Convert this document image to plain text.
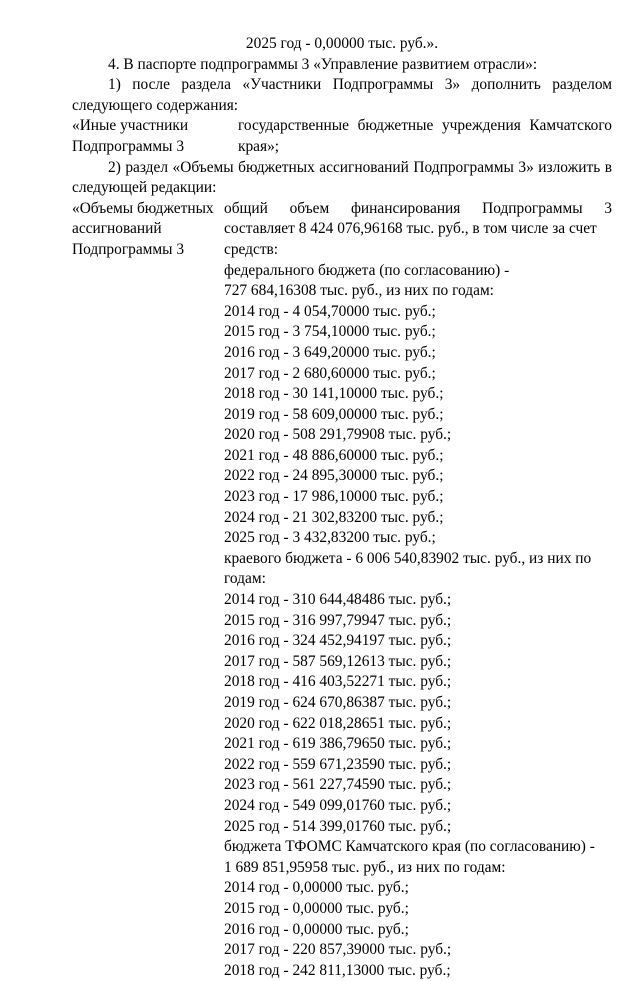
2025 год - 0,00000 тыс. руб.».
4. В паспорте подпрограммы 3 «Управление развитием отрасли»:
1) после раздела «Участники Подпрограммы 3» дополнить разделом
следующего содержания:
«Иные участники
Подпрограммы 3
государственные бюджетные учреждения Камчатского
края»;
2) раздел «Объемы бюджетных ассигнований Подпрограммы 3» изложить в
следующей редакции:
«Объемы бюджетных
ассигнований
Подпрограммы 3
общий объем финансирования Подпрограммы 3
составляет 8 424 076,96168 тыс. руб., в том числе за счет
средств:
федерального бюджета (по согласованию) -
727 684,16308 тыс. руб., из них по годам:
2014 год - 4 054,70000 тыс. руб.;
2015 год - 3 754,10000 тыс. руб.;
2016 год - 3 649,20000 тыс. руб.;
2017 год - 2 680,60000 тыс. руб.;
2018 год - 30 141,10000 тыс. руб.;
2019 год - 58 609,00000 тыс. руб.;
2020 год - 508 291,79908 тыс. руб.;
2021 год - 48 886,60000 тыс. руб.;
2022 год - 24 895,30000 тыс. руб.;
2023 год - 17 986,10000 тыс. руб.;
2024 год - 21 302,83200 тыс. руб.;
2025 год - 3 432,83200 тыс. руб.;
краевого бюджета - 6 006 540,83902 тыс. руб., из них по
годам:
2014 год - 310 644,48486 тыс. руб.;
2015 год - 316 997,79947 тыс. руб.;
2016 год - 324 452,94197 тыс. руб.;
2017 год - 587 569,12613 тыс. руб.;
2018 год - 416 403,52271 тыс. руб.;
2019 год - 624 670,86387 тыс. руб.;
2020 год - 622 018,28651 тыс. руб.;
2021 год - 619 386,79650 тыс. руб.;
2022 год - 559 671,23590 тыс. руб.;
2023 год - 561 227,74590 тыс. руб.;
2024 год - 549 099,01760 тыс. руб.;
2025 год - 514 399,01760 тыс. руб.;
бюджета ТФОМС Камчатского края (по согласованию) -
1 689 851,95958 тыс. руб., из них по годам:
2014 год - 0,00000 тыс. руб.;
2015 год - 0,00000 тыс. руб.;
2016 год - 0,00000 тыс. руб.;
2017 год - 220 857,39000 тыс. руб.;
2018 год - 242 811,13000 тыс. руб.;
